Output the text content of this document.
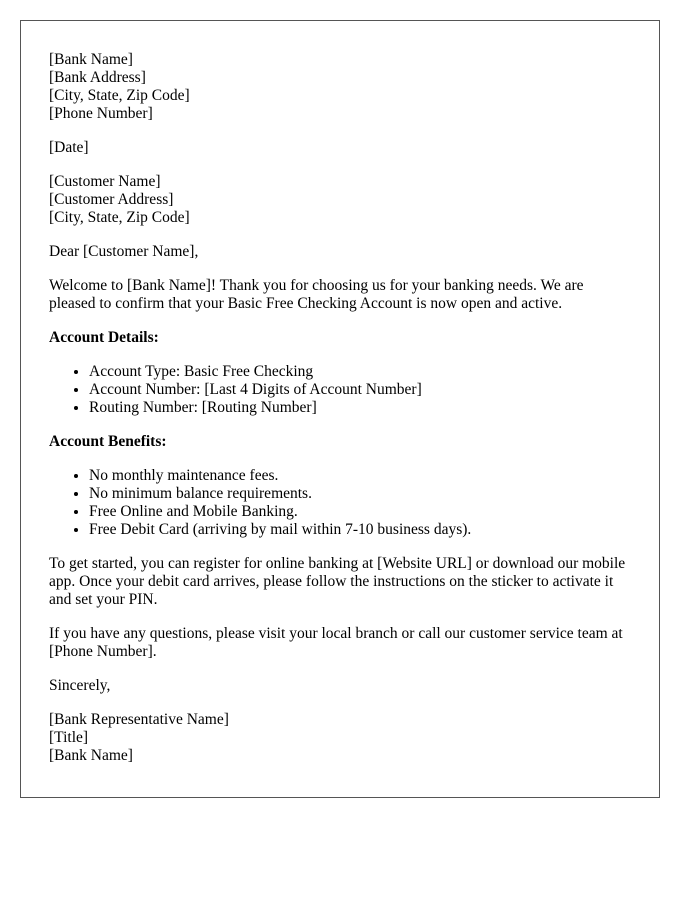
[Bank Name]
[Bank Address]
[City, State, Zip Code]
[Phone Number]
[Date]
[Customer Name]
[Customer Address]
[City, State, Zip Code]

Dear [Customer Name],

Welcome to [Bank Name]! Thank you for choosing us for your banking needs. We are pleased to confirm that your Basic Free Checking Account is now open and active.

Account Details:
• Account Type: Basic Free Checking
• Account Number: [Last 4 Digits of Account Number]
• Routing Number: [Routing Number]
Account Benefits:
• No monthly maintenance fees.
• No minimum balance requirements.
• Free Online and Mobile Banking.
• Free Debit Card (arriving by mail within 7-10 business days).

To get started, you can register for online banking at [Website URL] or download our mobile app. Once your debit card arrives, please follow the instructions on the sticker to activate it and set your PIN.

If you have any questions, please visit your local branch or call our customer service team at [Phone Number].

Sincerely,

[Bank Representative Name]
[Title]
[Bank Name]
